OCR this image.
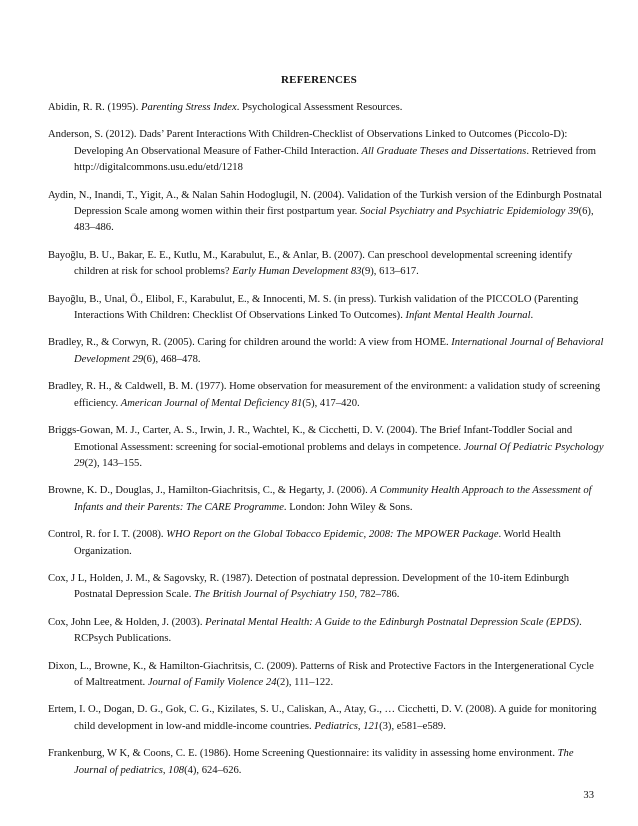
REFERENCES

Abidin, R. R. (1995). Parenting Stress Index. Psychological Assessment Resources.

Anderson, S. (2012). Dads’ Parent Interactions With Children-Checklist of Observations Linked to Outcomes (Piccolo-D): Developing An Observational Measure of Father-Child Interaction. All Graduate Theses and Dissertations. Retrieved from http://digitalcommons.usu.edu/etd/1218

Aydin, N., Inandi, T., Yigit, A., & Nalan Sahin Hodoglugil, N. (2004). Validation of the Turkish version of the Edinburgh Postnatal Depression Scale among women within their first postpartum year. Social Psychiatry and Psychiatric Epidemiology 39(6), 483–486.

Bayoğlu, B. U., Bakar, E. E., Kutlu, M., Karabulut, E., & Anlar, B. (2007). Can preschool developmental screening identify children at risk for school problems? Early Human Development 83(9), 613–617.

Bayoğlu, B., Unal, Ö., Elibol, F., Karabulut, E., & Innocenti, M. S. (in press). Turkish validation of the PICCOLO (Parenting Interactions With Children: Checklist Of Observations Linked To Outcomes). Infant Mental Health Journal.

Bradley, R., & Corwyn, R. (2005). Caring for children around the world: A view from HOME. International Journal of Behavioral Development 29(6), 468–478.

Bradley, R. H., & Caldwell, B. M. (1977). Home observation for measurement of the environment: a validation study of screening efficiency. American Journal of Mental Deficiency 81(5), 417–420.

Briggs-Gowan, M. J., Carter, A. S., Irwin, J. R., Wachtel, K., & Cicchetti, D. V. (2004). The Brief Infant-Toddler Social and Emotional Assessment: screening for social-emotional problems and delays in competence. Journal Of Pediatric Psychology 29(2), 143–155.

Browne, K. D., Douglas, J., Hamilton-Giachritsis, C., & Hegarty, J. (2006). A Community Health Approach to the Assessment of Infants and their Parents: The CARE Programme. London: John Wiley & Sons.

Control, R. for I. T. (2008). WHO Report on the Global Tobacco Epidemic, 2008: The MPOWER Package. World Health Organization.

Cox, J L, Holden, J. M., & Sagovsky, R. (1987). Detection of postnatal depression. Development of the 10-item Edinburgh Postnatal Depression Scale. The British Journal of Psychiatry 150, 782–786.

Cox, John Lee, & Holden, J. (2003). Perinatal Mental Health: A Guide to the Edinburgh Postnatal Depression Scale (EPDS). RCPsych Publications.

Dixon, L., Browne, K., & Hamilton-Giachritsis, C. (2009). Patterns of Risk and Protective Factors in the Intergenerational Cycle of Maltreatment. Journal of Family Violence 24(2), 111–122.

Ertem, I. O., Dogan, D. G., Gok, C. G., Kizilates, S. U., Caliskan, A., Atay, G., … Cicchetti, D. V. (2008). A guide for monitoring child development in low-and middle-income countries. Pediatrics, 121(3), e581–e589.

Frankenburg, W K, & Coons, C. E. (1986). Home Screening Questionnaire: its validity in assessing home environment. The Journal of pediatrics, 108(4), 624–626.

33
